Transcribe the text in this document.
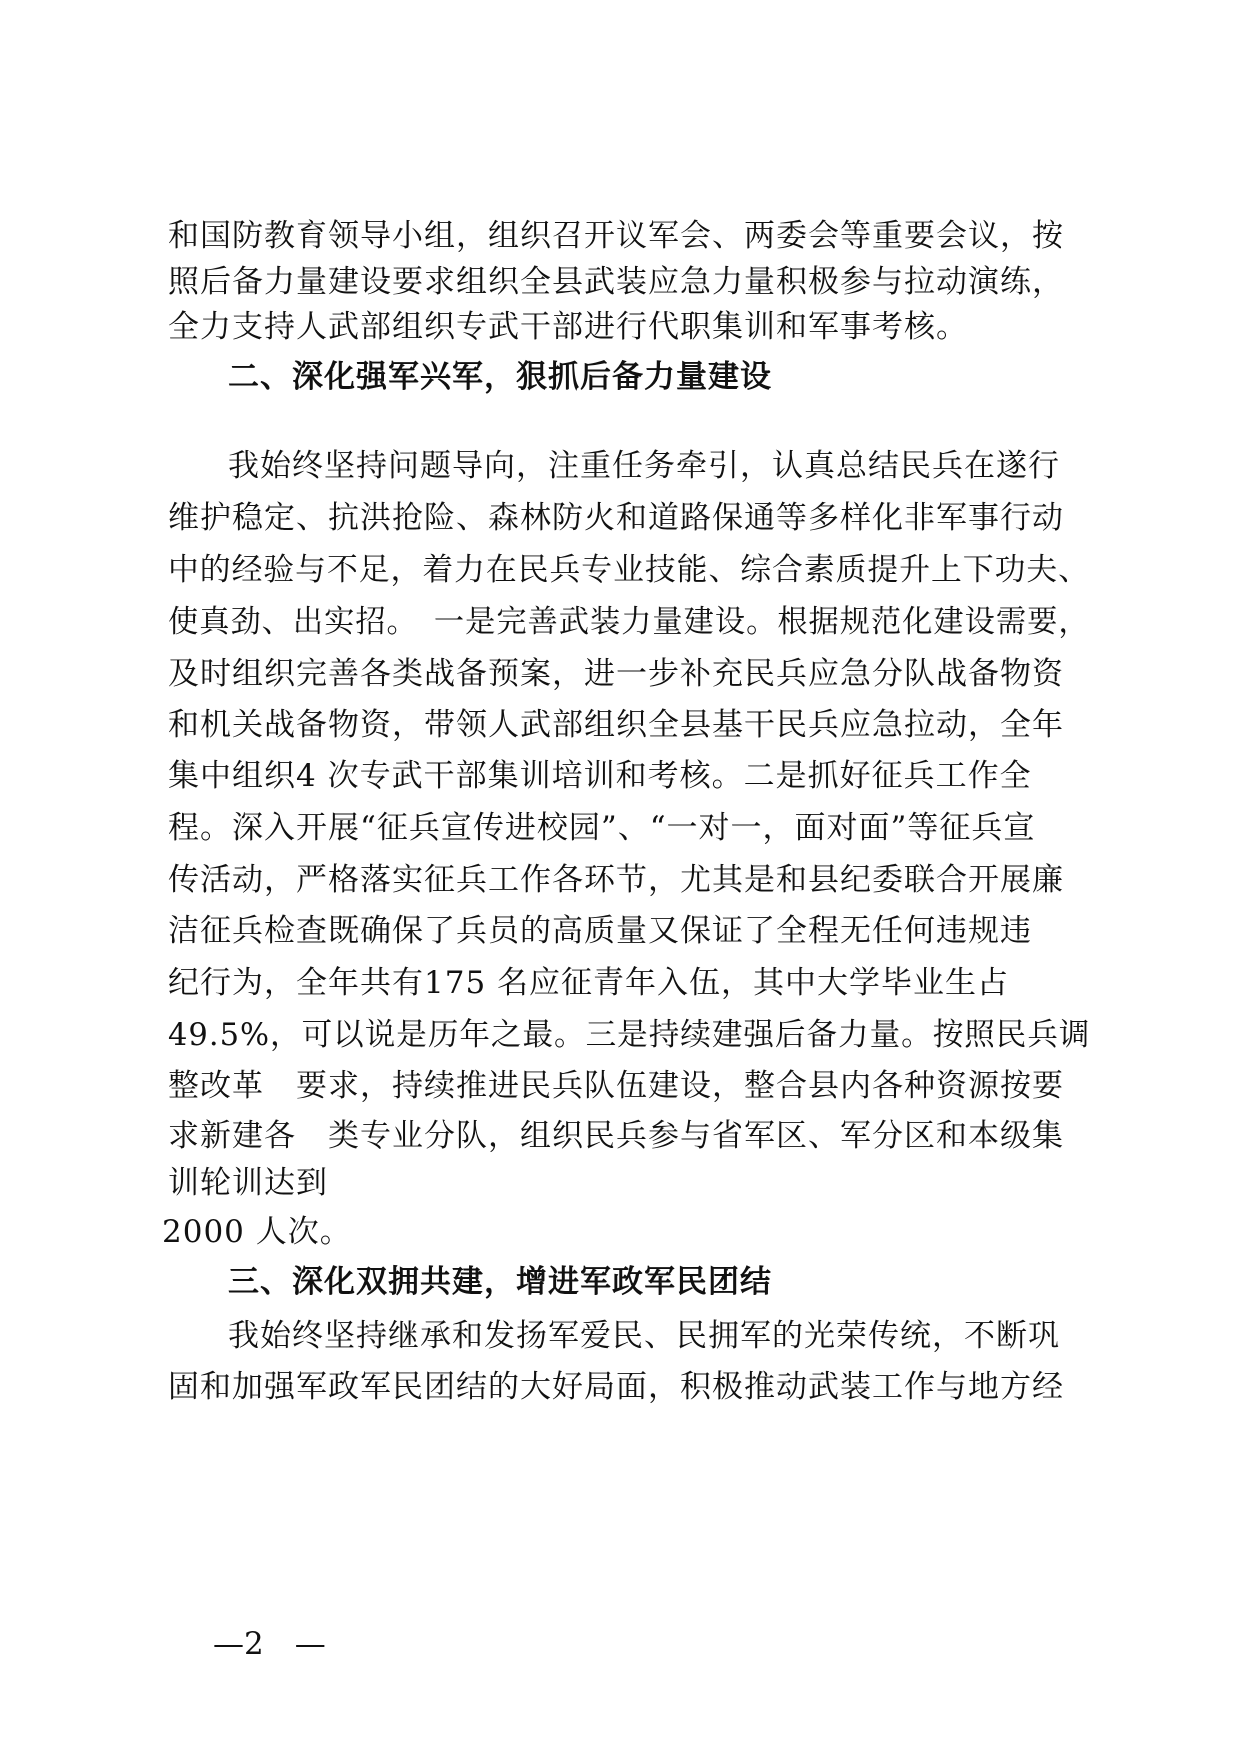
和国防教育领导小组，组织召开议军会、两委会等重要会议，按
照后备力量建设要求组织全县武装应急力量积极参与拉动演练，
全力支持人武部组织专武干部进行代职集训和军事考核。
二、深化强军兴军，狠抓后备力量建设
我始终坚持问题导向，注重任务牵引，认真总结民兵在遂行
维护稳定、抗洪抢险、森林防火和道路保通等多样化非军事行动
中的经验与不足，着力在民兵专业技能、综合素质提升上下功夫、
使真劲、出实招。　一是完善武装力量建设。根据规范化建设需要，
及时组织完善各类战备预案，进一步补充民兵应急分队战备物资
和机关战备物资，带领人武部组织全县基干民兵应急拉动，全年
集中组织4 次专武干部集训培训和考核。二是抓好征兵工作全
程。深入开展“征兵宣传进校园”、“一对一，面对面”等征兵宣
传活动，严格落实征兵工作各环节，尤其是和县纪委联合开展廉
洁征兵检查既确保了兵员的高质量又保证了全程无任何违规违
纪行为，全年共有175 名应征青年入伍，其中大学毕业生占
49.5%，可以说是历年之最。三是持续建强后备力量。按照民兵调
整改革　要求，持续推进民兵队伍建设，整合县内各种资源按要
求新建各　类专业分队，组织民兵参与省军区、军分区和本级集
训轮训达到
2000 人次。
三、深化双拥共建，增进军政军民团结
我始终坚持继承和发扬军爱民、民拥军的光荣传统，不断巩
固和加强军政军民团结的大好局面，积极推动武装工作与地方经
—2　—
